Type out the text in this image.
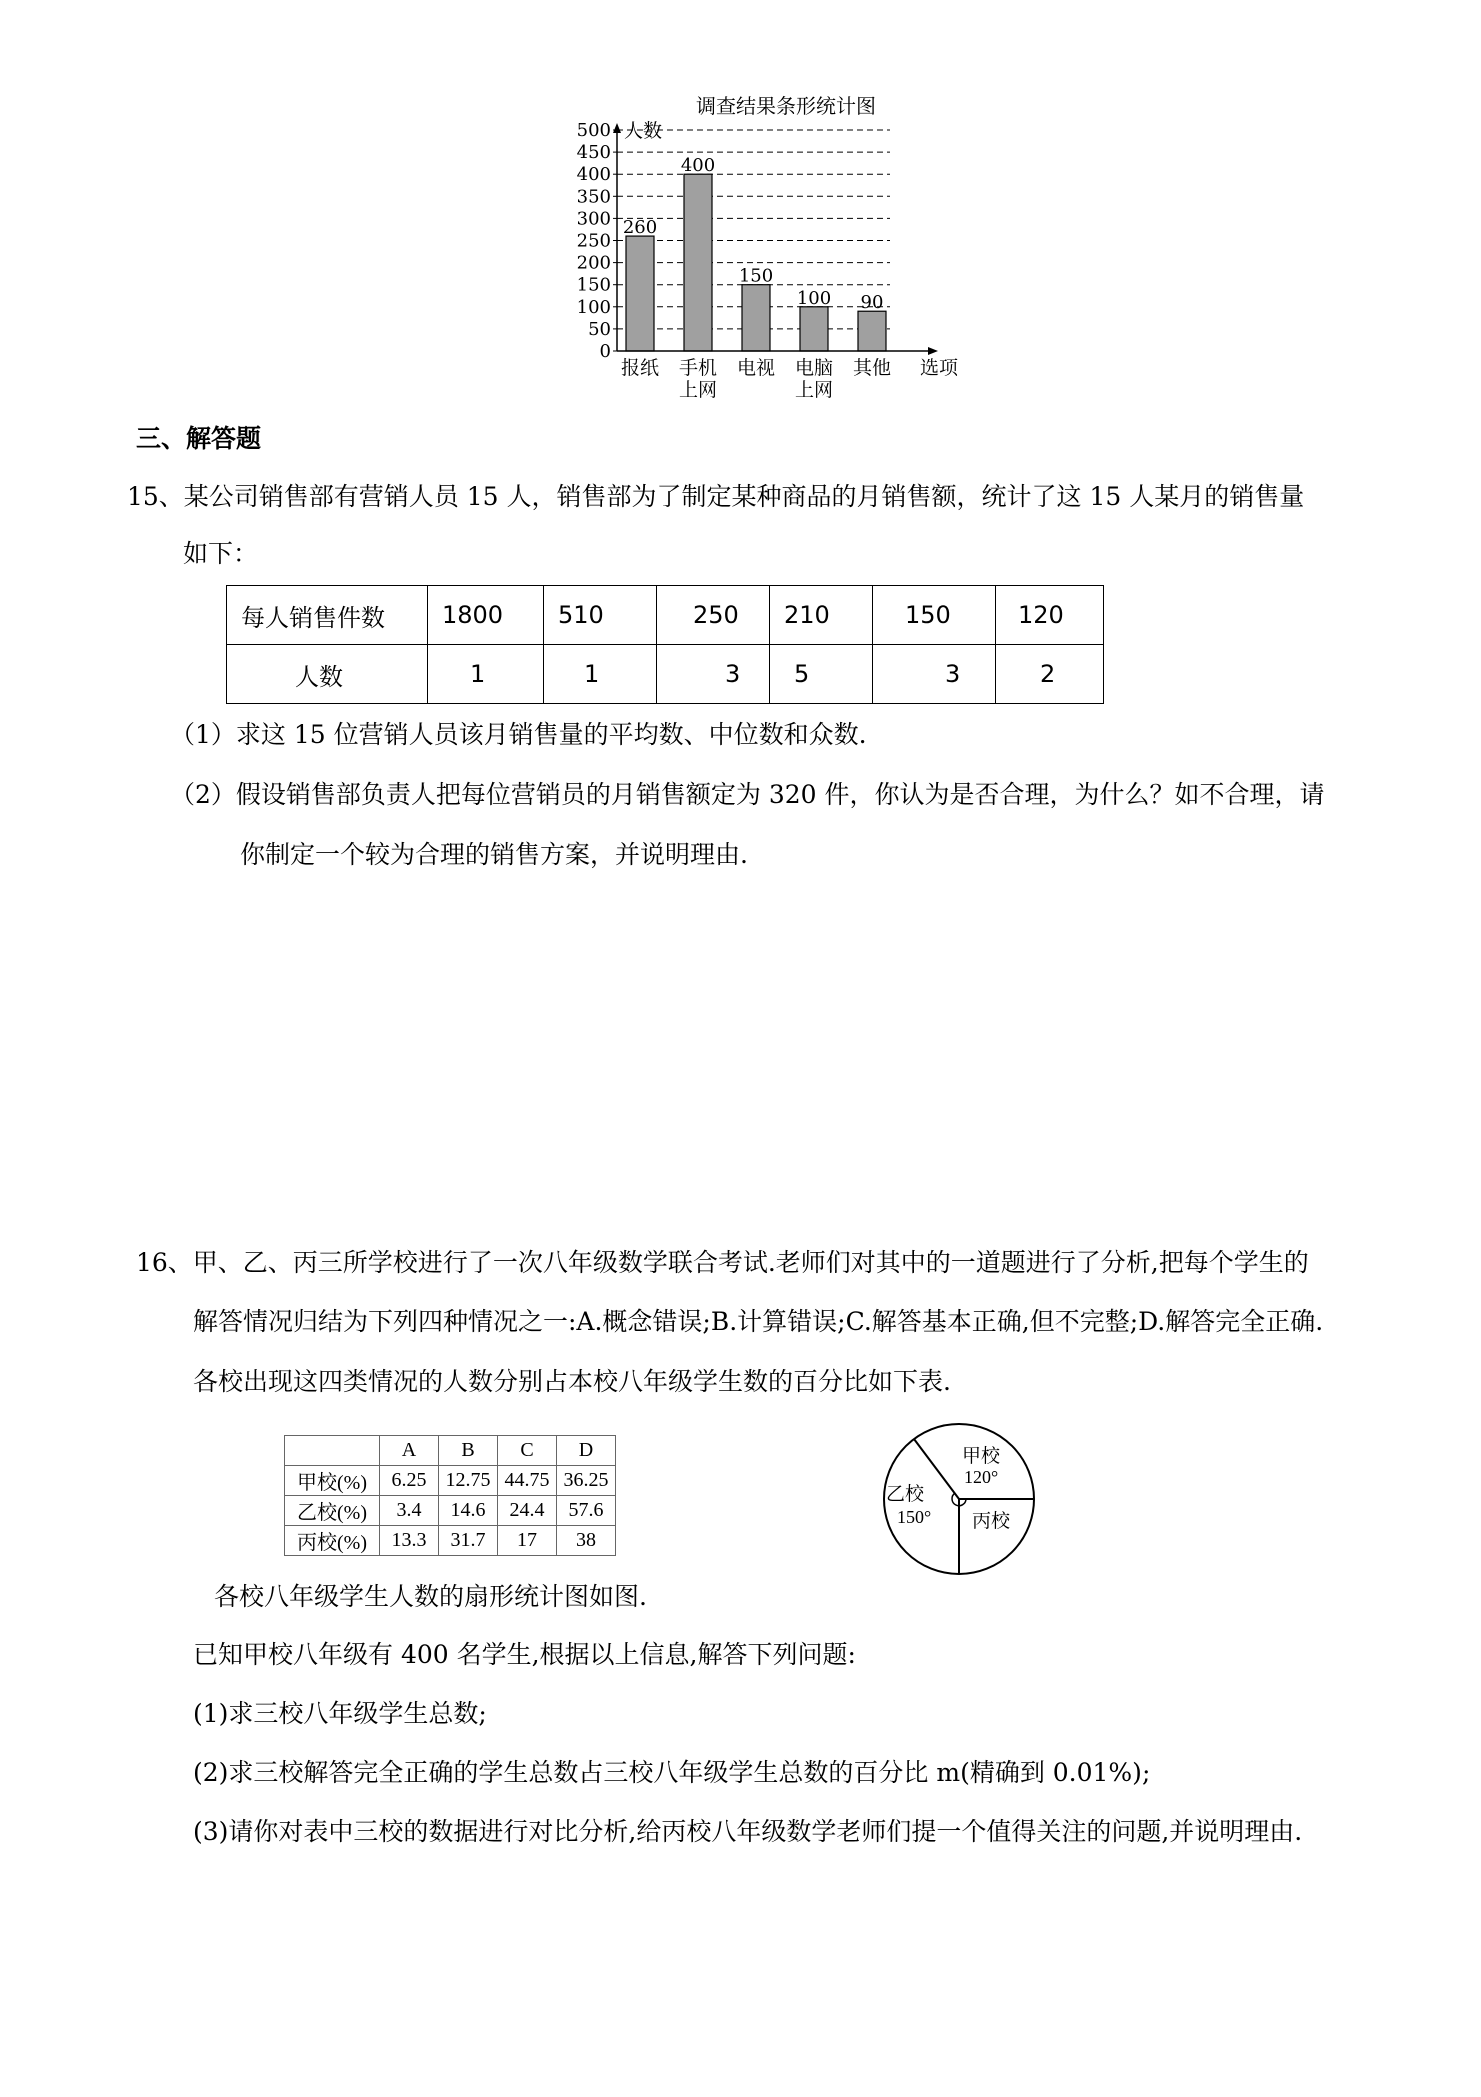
调查结果条形统计图
0
50
100
150
200
250
300
350
400
450
500
260
400
150
100 90
报纸 手机
上网
电视 电脑
上网
其他
人数
选项
三、解答题
15、某公司销售部有营销人员 15 人，销售部为了制定某种商品的月销售额，统计了这 15 人某月的销售量
如下：
每人销售件数	1800	510	250	210	150	120
人数	1	1	3	5	3	2
（1）求这 15 位营销人员该月销售量的平均数、中位数和众数.
（2）假设销售部负责人把每位营销员的月销售额定为 320 件，你认为是否合理，为什么？如不合理，请
你制定一个较为合理的销售方案，并说明理由.
16、甲、乙、丙三所学校进行了一次八年级数学联合考试.老师们对其中的一道题进行了分析,把每个学生的
解答情况归结为下列四种情况之一:A.概念错误;B.计算错误;C.解答基本正确,但不完整;D.解答完全正确.
各校出现这四类情况的人数分别占本校八年级学生数的百分比如下表.
	A	B	C	D
甲校(%)	6.25	12.75	44.75	36.25
乙校(%)	3.4	14.6	24.4	57.6
丙校(%)	13.3	31.7	17	38
甲校
120°
乙校
150° 丙校
各校八年级学生人数的扇形统计图如图.
已知甲校八年级有 400 名学生,根据以上信息,解答下列问题:
(1)求三校八年级学生总数;
(2)求三校解答完全正确的学生总数占三校八年级学生总数的百分比 m(精确到 0.01%);
(3)请你对表中三校的数据进行对比分析,给丙校八年级数学老师们提一个值得关注的问题,并说明理由.
